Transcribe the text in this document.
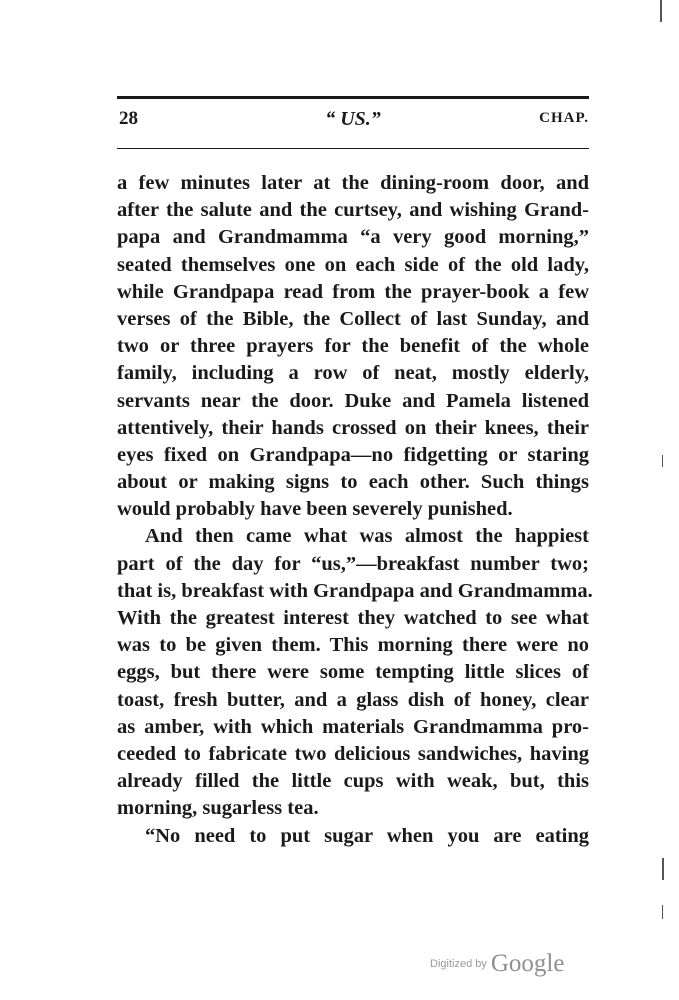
28	“ US.”	CHAP.
a few minutes later at the dining-room door, and
after the salute and the curtsey, and wishing Grand-
papa and Grandmamma “a very good morning,”
seated themselves one on each side of the old lady,
while Grandpapa read from the prayer-book a few
verses of the Bible, the Collect of last Sunday, and
two or three prayers for the benefit of the whole
family, including a row of neat, mostly elderly,
servants near the door. Duke and Pamela listened
attentively, their hands crossed on their knees, their
eyes fixed on Grandpapa—no fidgetting or staring
about or making signs to each other. Such things
would probably have been severely punished.
And then came what was almost the happiest
part of the day for “us,”—breakfast number two;
that is, breakfast with Grandpapa and Grandmamma.
With the greatest interest they watched to see what
was to be given them. This morning there were no
eggs, but there were some tempting little slices of
toast, fresh butter, and a glass dish of honey, clear
as amber, with which materials Grandmamma pro-
ceeded to fabricate two delicious sandwiches, having
already filled the little cups with weak, but, this
morning, sugarless tea.
“No need to put sugar when you are eating
Digitized by Google
